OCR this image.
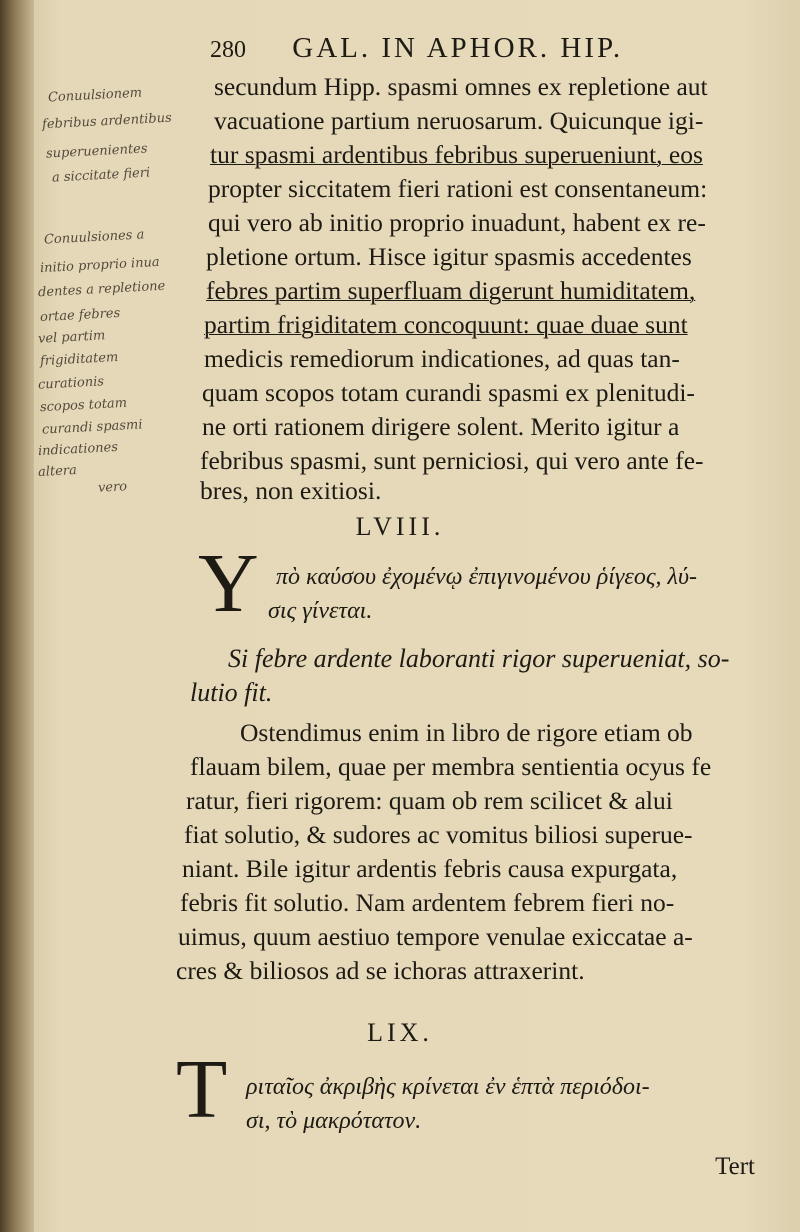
280 GAL. IN APHOR. HIP.
Conuulsionem
febribus ardentibus
superuenientes
a siccitate fieri
Conuulsiones a
initio proprio inua
dentes a repletione
ortae febres
vel partim
frigiditatem
curationis
scopos totam
curandi spasmi
indicationes
altera
vero
secundum Hipp. spasmi omnes ex repletione aut
vacuatione partium neruosarum. Quicunque igi-
tur spasmi ardentibus febribus superueniunt, eos
propter siccitatem fieri rationi est consentaneum:
qui vero ab initio proprio inuadunt, habent ex re-
pletione ortum. Hisce igitur spasmis accedentes
febres partim superfluam digerunt humiditatem,
partim frigiditatem concoquunt: quae duae sunt
medicis remediorum indicationes, ad quas tan-
quam scopos totam curandi spasmi ex plenitudi-
ne orti rationem dirigere solent. Merito igitur a
febribus spasmi, sunt perniciosi, qui vero ante fe-
bres, non exitiosi.
LVIII.
Y πὸ καύσου ἐχομένῳ ἐπιγινομένου ῥίγεος, λύ-
σις γίνεται.
Si febre ardente laboranti rigor superueniat, so-
lutio fit.
Ostendimus enim in libro de rigore etiam ob
flauam bilem, quae per membra sentientia ocyus fe
ratur, fieri rigorem: quam ob rem scilicet & alui
fiat solutio, & sudores ac vomitus biliosi superue-
niant. Bile igitur ardentis febris causa expurgata,
febris fit solutio. Nam ardentem febrem fieri no-
uimus, quum aestiuo tempore venulae exiccatae a-
cres & biliosos ad se ichoras attraxerint.
LIX.
T ριταῖος ἀκριβὴς κρίνεται ἐν ἑπτὰ περιόδοι-
σι, τὸ μακρότατον.
Tert
